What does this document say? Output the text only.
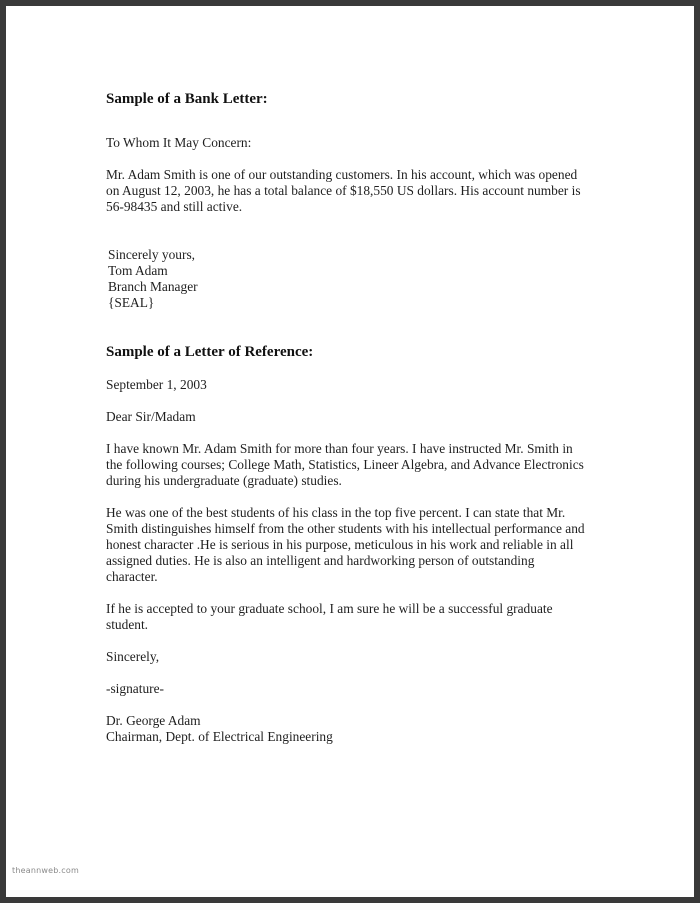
Sample of a Bank Letter:

To Whom It May Concern:

Mr. Adam Smith is one of our outstanding customers. In his account, which was opened
on August 12, 2003, he has a total balance of $18,550 US dollars. His account number is
56-98435 and still active.
Sincerely yours,
Tom Adam
Branch Manager
{SEAL}
Sample of a Letter of Reference:

September 1, 2003

Dear Sir/Madam

I have known Mr. Adam Smith for more than four years. I have instructed Mr. Smith in
the following courses; College Math, Statistics, Lineer Algebra, and Advance Electronics
during his undergraduate (graduate) studies.
He was one of the best students of his class in the top five percent. I can state that Mr.
Smith distinguishes himself from the other students with his intellectual performance and
honest character .He is serious in his purpose, meticulous in his work and reliable in all
assigned duties. He is also an intelligent and hardworking person of outstanding
character.
If he is accepted to your graduate school, I am sure he will be a successful graduate
student.

Sincerely,

-signature-

Dr. George Adam
Chairman, Dept. of Electrical Engineering
theannweb.com
